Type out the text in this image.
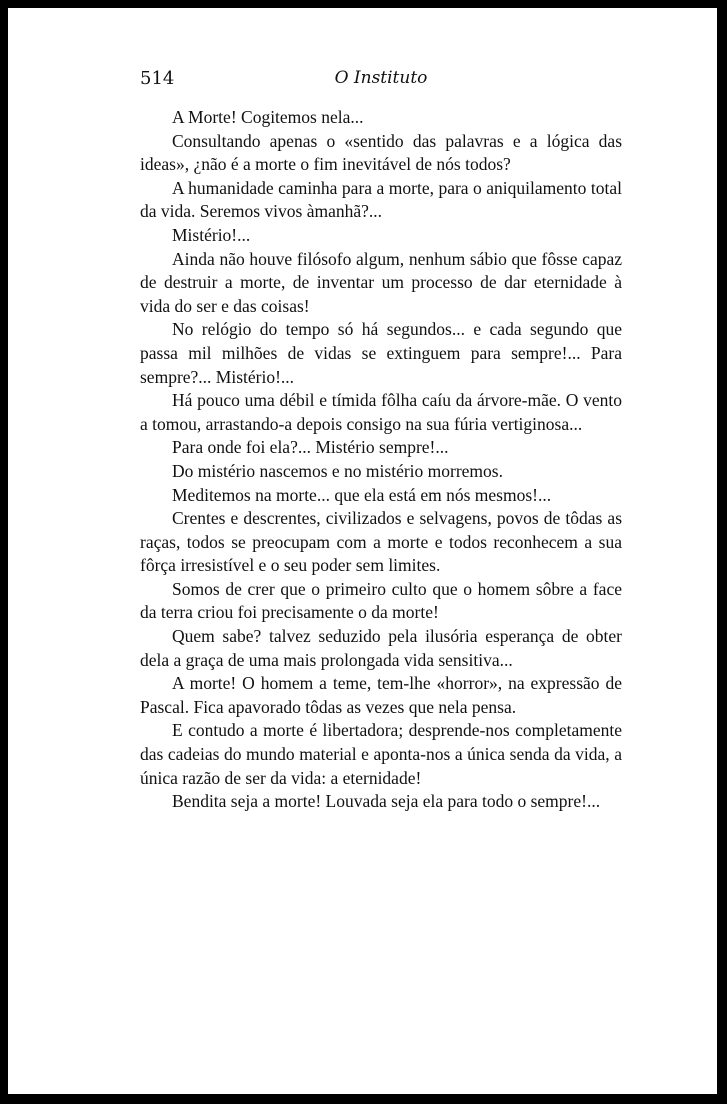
514	O Instituto

A Morte! Cogitemos nela...

Consultando apenas o «sentido das palavras e a lógica das ideas», ¿não é a morte o fim inevitável de nós todos?

A humanidade caminha para a morte, para o aniquilamento total da vida. Seremos vivos àmanhã?...

Mistério!...

Ainda não houve filósofo algum, nenhum sábio que fôsse capaz de destruir a morte, de inventar um processo de dar eternidade à vida do ser e das coisas!

No relógio do tempo só há segundos... e cada segundo que passa mil milhões de vidas se extinguem para sempre!... Para sempre?... Mistério!...

Há pouco uma débil e tímida fôlha caíu da árvore-mãe. O vento a tomou, arrastando-a depois consigo na sua fúria vertiginosa...

Para onde foi ela?... Mistério sempre!...

Do mistério nascemos e no mistério morremos.

Meditemos na morte... que ela está em nós mesmos!...

Crentes e descrentes, civilizados e selvagens, povos de tôdas as raças, todos se preocupam com a morte e todos reconhecem a sua fôrça irresistível e o seu poder sem limites.

Somos de crer que o primeiro culto que o homem sôbre a face da terra criou foi precisamente o da morte!

Quem sabe? talvez seduzido pela ilusória esperança de obter dela a graça de uma mais prolongada vida sensitiva...

A morte! O homem a teme, tem-lhe «horror», na expressão de Pascal. Fica apavorado tôdas as vezes que nela pensa.

E contudo a morte é libertadora; desprende-nos completamente das cadeias do mundo material e aponta-nos a única senda da vida, a única razão de ser da vida: a eternidade!

Bendita seja a morte! Louvada seja ela para todo o sempre!...
